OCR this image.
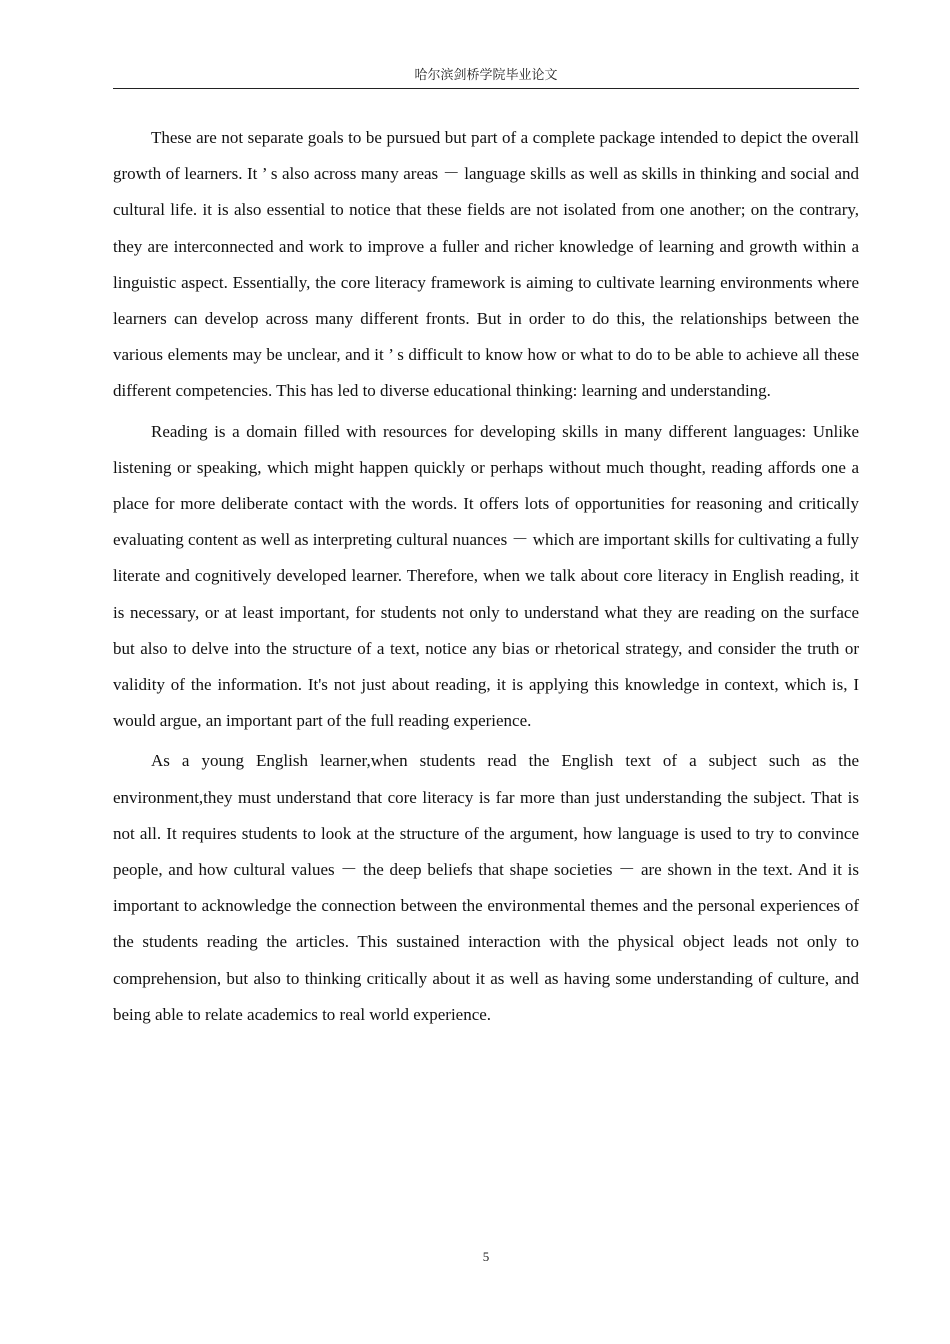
哈尔滨剑桥学院毕业论文

These are not separate goals to be pursued but part of a complete package intended to depict the overall growth of learners. It ’ s also across many areas － language skills as well as skills in thinking and social and cultural life. it is also essential to notice that these fields are not isolated from one another; on the contrary, they are interconnected and work to improve a fuller and richer knowledge of learning and growth within a linguistic aspect. Essentially, the core literacy framework is aiming to cultivate learning environments where learners can develop across many different fronts. But in order to do this, the relationships between the various elements may be unclear, and it ’ s difficult to know how or what to do to be able to achieve all these different competencies. This has led to diverse educational thinking: learning and understanding.

Reading is a domain filled with resources for developing skills in many different languages: Unlike listening or speaking, which might happen quickly or perhaps without much thought, reading affords one a place for more deliberate contact with the words. It offers lots of opportunities for reasoning and critically evaluating content as well as interpreting cultural nuances － which are important skills for cultivating a fully literate and cognitively developed learner. Therefore, when we talk about core literacy in English reading, it is necessary, or at least important, for students not only to understand what they are reading on the surface but also to delve into the structure of a text, notice any bias or rhetorical strategy, and consider the truth or validity of the information. It's not just about reading, it is applying this knowledge in context, which is, I would argue, an important part of the full reading experience.

As a young English learner,when students read the English text of a subject such as the environment,they must understand that core literacy is far more than just understanding the subject. That is not all. It requires students to look at the structure of the argument, how language is used to try to convince people, and how cultural values － the deep beliefs that shape societies － are shown in the text. And it is important to acknowledge the connection between the environmental themes and the personal experiences of the students reading the articles. This sustained interaction with the physical object leads not only to comprehension, but also to thinking critically about it as well as having some understanding of culture, and being able to relate academics to real world experience.

5
